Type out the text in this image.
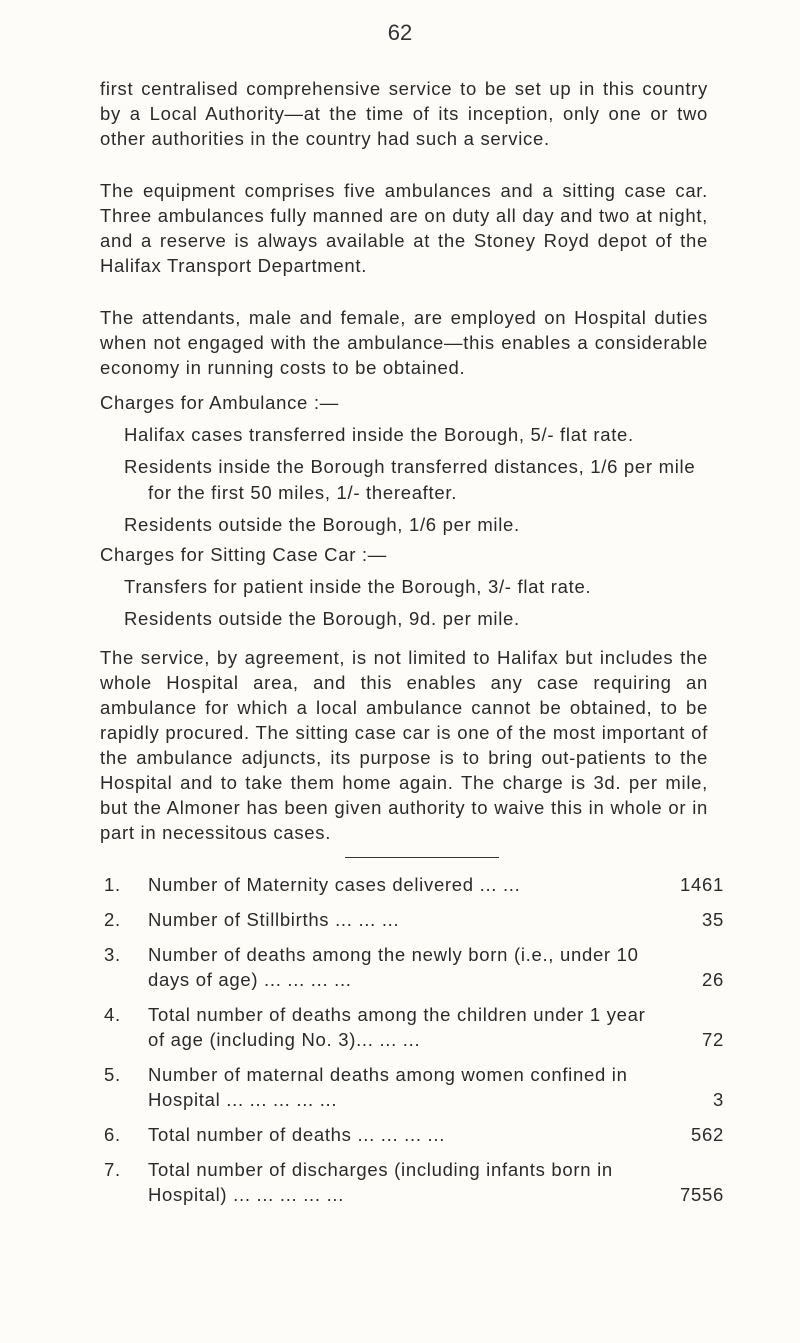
62

first centralised comprehensive service to be set up in this country by a Local Authority—at the time of its inception, only one or two other authorities in the country had such a service.

The equipment comprises five ambulances and a sitting case car. Three ambulances fully manned are on duty all day and two at night, and a reserve is always available at the Stoney Royd depot of the Halifax Transport Department.

The attendants, male and female, are employed on Hospital duties when not engaged with the ambulance—this enables a considerable economy in running costs to be obtained.

Charges for Ambulance :—

Halifax cases transferred inside the Borough, 5/- flat rate.

Residents inside the Borough transferred distances, 1/6 per mile for the first 50 miles, 1/- thereafter.

Residents outside the Borough, 1/6 per mile.

Charges for Sitting Case Car :—

Transfers for patient inside the Borough, 3/- flat rate.

Residents outside the Borough, 9d. per mile.

The service, by agreement, is not limited to Halifax but includes the whole Hospital area, and this enables any case requiring an ambulance for which a local ambulance cannot be obtained, to be rapidly procured. The sitting case car is one of the most important of the ambulance adjuncts, its purpose is to bring out-patients to the Hospital and to take them home again. The charge is 3d. per mile, but the Almoner has been given authority to waive this in whole or in part in necessitous cases.

1.	Number of Maternity cases delivered ... ...	1461
2.	Number of Stillbirths ... ... ...	35
3.	Number of deaths among the newly born (i.e., under 10 days of age) ... ... ... ...	26
4.	Total number of deaths among the children under 1 year of age (including No. 3)... ... ...	72
5.	Number of maternal deaths among women confined in Hospital ... ... ... ... ...	3
6.	Total number of deaths ... ... ... ...	562
7.	Total number of discharges (including infants born in Hospital) ... ... ... ... ...	7556
